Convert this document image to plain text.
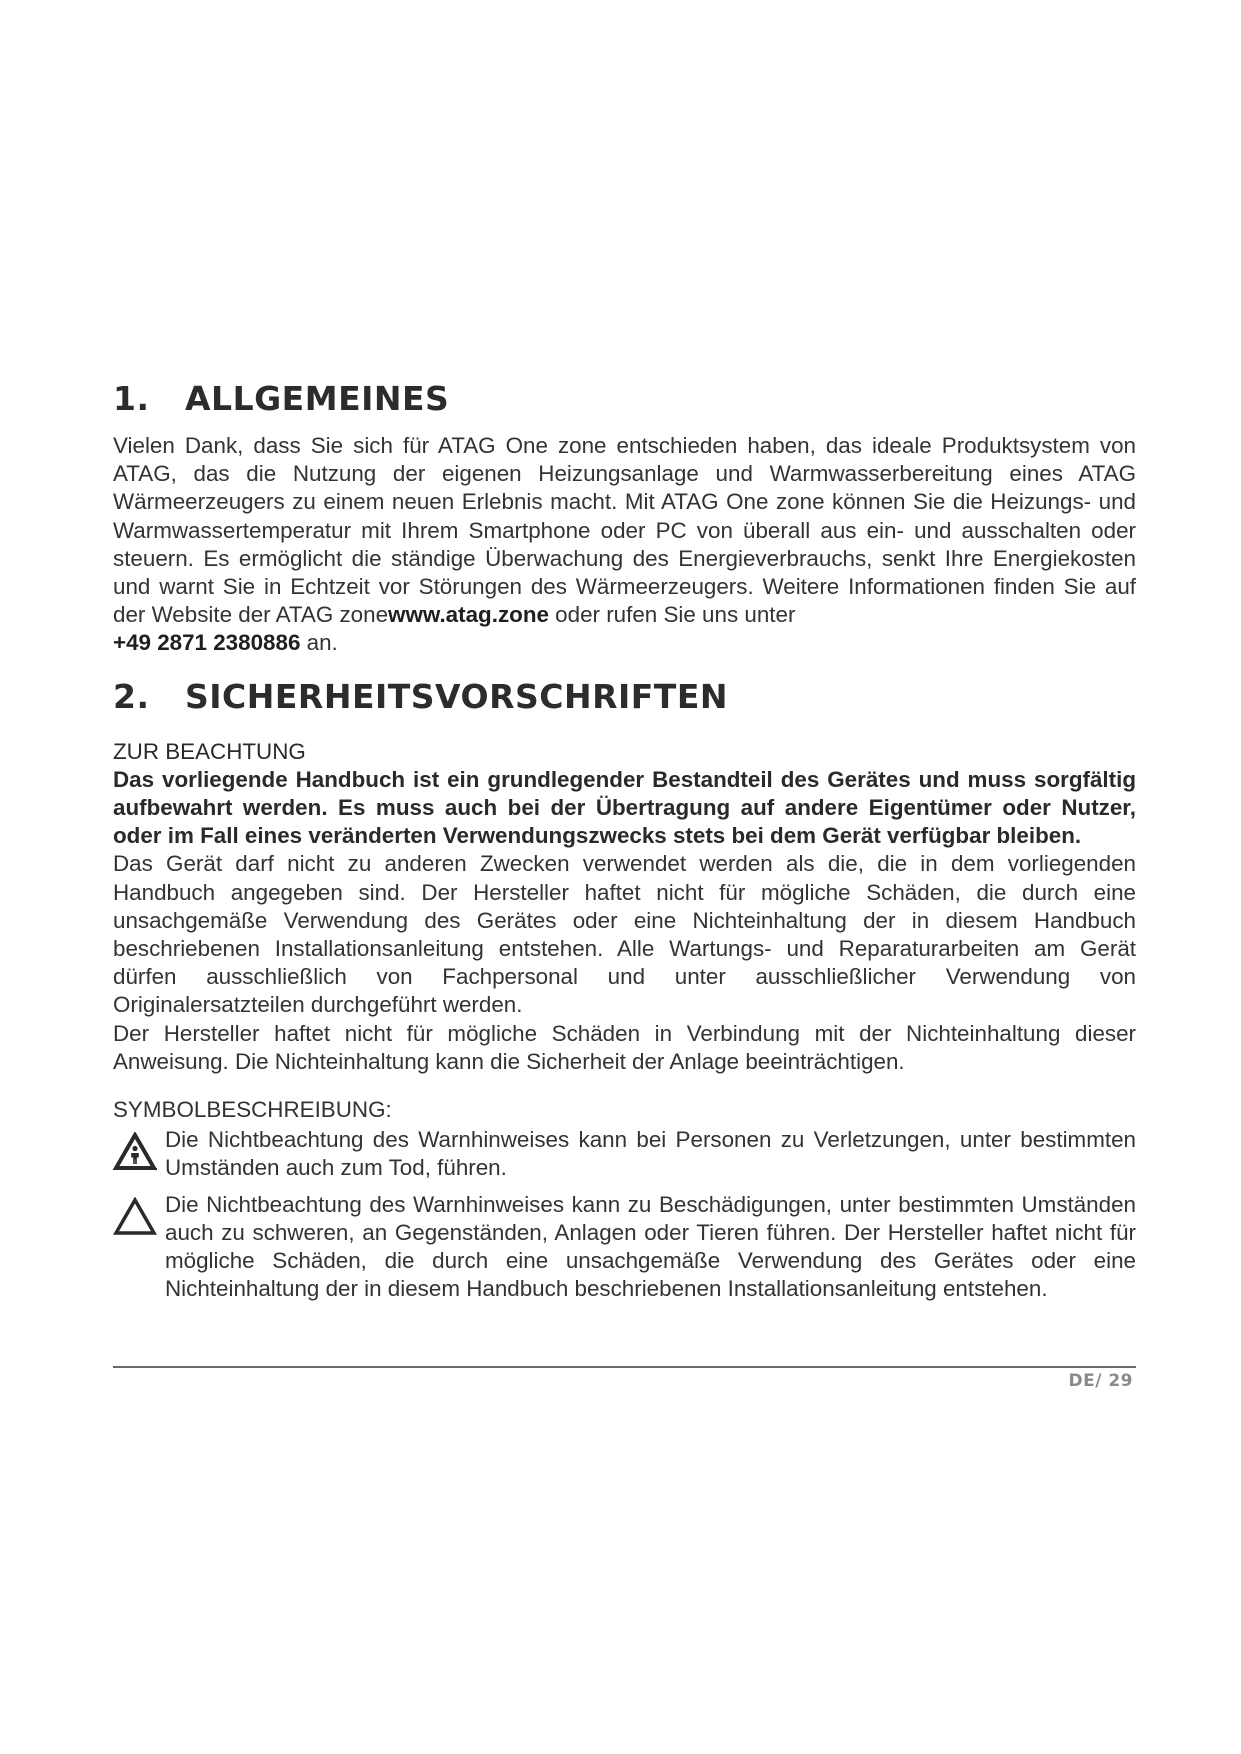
1.	ALLGEMEINES

Vielen Dank, dass Sie sich für ATAG One zone entschieden haben, das ideale Produktsystem von ATAG, das die Nutzung der eigenen Heizungsanlage und Warmwasserbereitung eines ATAG Wärmeerzeugers zu einem neuen Erlebnis macht. Mit ATAG One zone können Sie die Heizungs- und Warmwassertemperatur mit Ihrem Smartphone oder PC von überall aus ein- und ausschalten oder steuern. Es ermöglicht die ständige Überwachung des Energieverbrauchs, senkt Ihre Energiekosten und warnt Sie in Echtzeit vor Störungen des Wärmeerzeugers. Weitere Informationen finden Sie auf der Website der ATAG zonewww.atag.zone oder rufen Sie uns unter
+49 2871 2380886 an.

2.	SICHERHEITSVORSCHRIFTEN

ZUR BEACHTUNG

Das vorliegende Handbuch ist ein grundlegender Bestandteil des Gerätes und muss sorgfältig aufbewahrt werden. Es muss auch bei der Übertragung auf andere Eigentümer oder Nutzer, oder im Fall eines veränderten Verwendungszwecks stets bei dem Gerät verfügbar bleiben.

Das Gerät darf nicht zu anderen Zwecken verwendet werden als die, die in dem vorliegenden Handbuch angegeben sind. Der Hersteller haftet nicht für mögliche Schäden, die durch eine unsachgemäße Verwendung des Gerätes oder eine Nichteinhaltung der in diesem Handbuch beschriebenen Installationsanleitung entstehen. Alle Wartungs- und Reparaturarbeiten am Gerät dürfen ausschließlich von Fachpersonal und unter ausschließlicher Verwendung von Originalersatzteilen durchgeführt werden.

Der Hersteller haftet nicht für mögliche Schäden in Verbindung mit der Nichteinhaltung dieser Anweisung. Die Nichteinhaltung kann die Sicherheit der Anlage beeinträchtigen.

SYMBOLBESCHREIBUNG:

Die Nichtbeachtung des Warnhinweises kann bei Personen zu Verletzungen, unter bestimmten Umständen auch zum Tod, führen.
Die Nichtbeachtung des Warnhinweises kann zu Beschädigungen, unter bestimmten Umständen auch zu schweren, an Gegenständen, Anlagen oder Tieren führen. Der Hersteller haftet nicht für mögliche Schäden, die durch eine unsachgemäße Verwendung des Gerätes oder eine Nichteinhaltung der in diesem Handbuch beschriebenen Installationsanleitung entstehen.
DE/ 29
